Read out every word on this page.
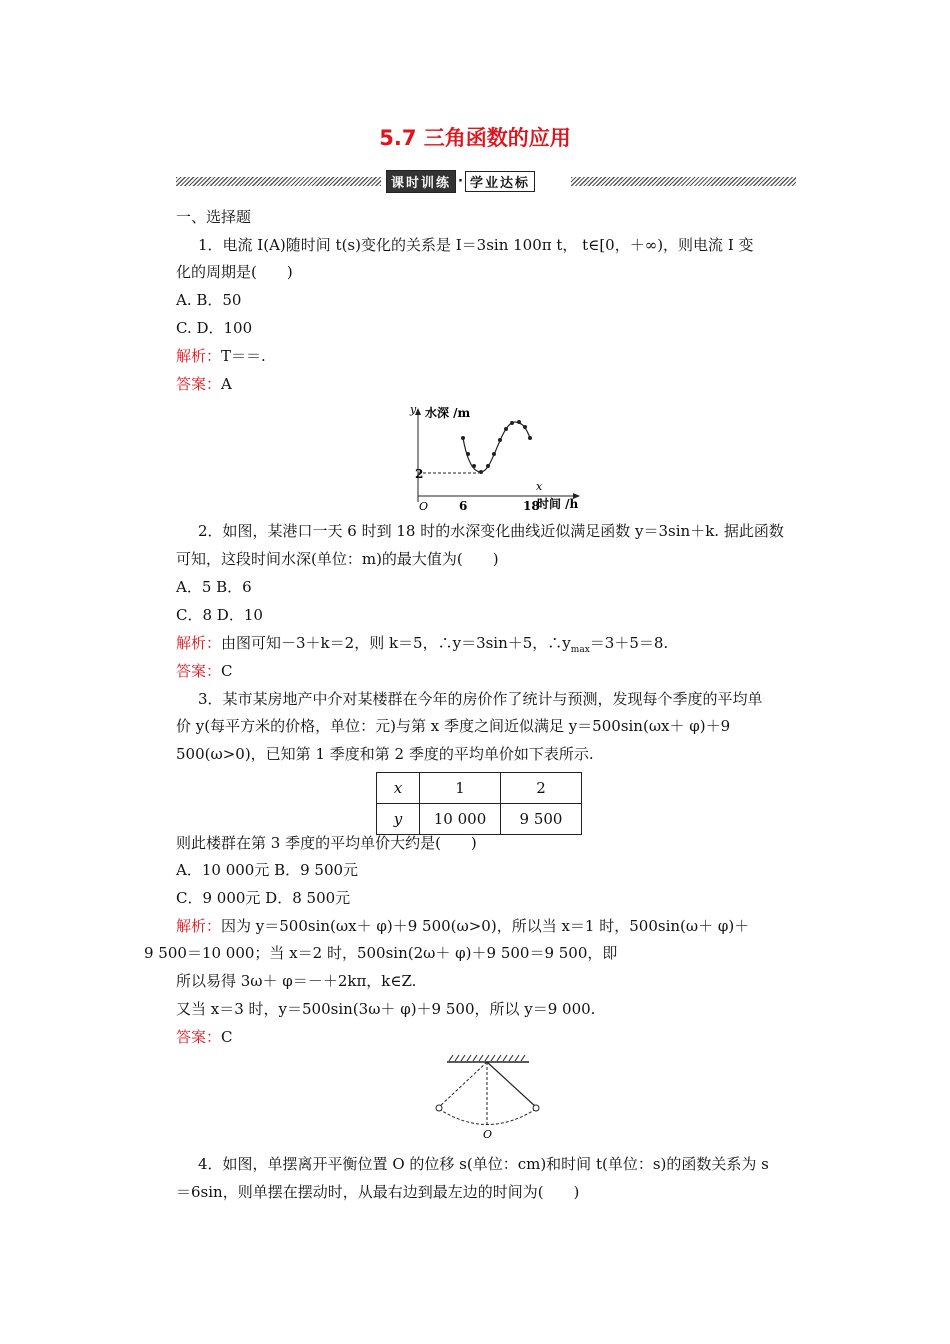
5.7 三角函数的应用
课时训练 · 学业达标
一、选择题
1．电流 I(A)随时间 t(s)变化的关系是 I＝3sin 100π t， t∈[0，＋∞)，则电流 I 变
化的周期是(　　)
A. B．50
C. D．100
解析：T＝＝.
答案：A
y 水深 /m
2
O	6	18
x
时间 /h
2．如图，某港口一天 6 时到 18 时的水深变化曲线近似满足函数 y＝3sin＋k. 据此函数
可知，这段时间水深(单位：m)的最大值为(　　)
A．5 B．6
C．8 D．10
解析：由图可知－3＋k＝2，则 k＝5，∴y＝3sin＋5，$\therefore y_{max}=3+5=8$.
答案：C
3．某市某房地产中介对某楼群在今年的房价作了统计与预测，发现每个季度的平均单
价 y(每平方米的价格，单位：元)与第 x 季度之间近似满足 y＝500sin(ωx＋ φ)＋9
500(ω>0)，已知第 1 季度和第 2 季度的平均单价如下表所示.
x	1	2
y	10 000	9 500
则此楼群在第 3 季度的平均单价大约是(　　)
A．10 000元 B．9 500元
C．9 000元 D．8 500元
解析：因为 y＝500sin(ωx＋ φ)＋9 500(ω>0)，所以当 x＝1 时，500sin(ω＋ φ)＋
9 500＝10 000；当 x＝2 时，500sin(2ω＋ φ)＋9 500＝9 500，即
所以易得 3ω＋ φ＝－＋2kπ，k∈Z.
又当 x＝3 时，y＝500sin(3ω＋ φ)＋9 500，所以 y＝9 000.
答案：C
O
4．如图，单摆离开平衡位置 O 的位移 s(单位：cm)和时间 t(单位：s)的函数关系为 s
＝6sin，则单摆在摆动时，从最右边到最左边的时间为(　　)
